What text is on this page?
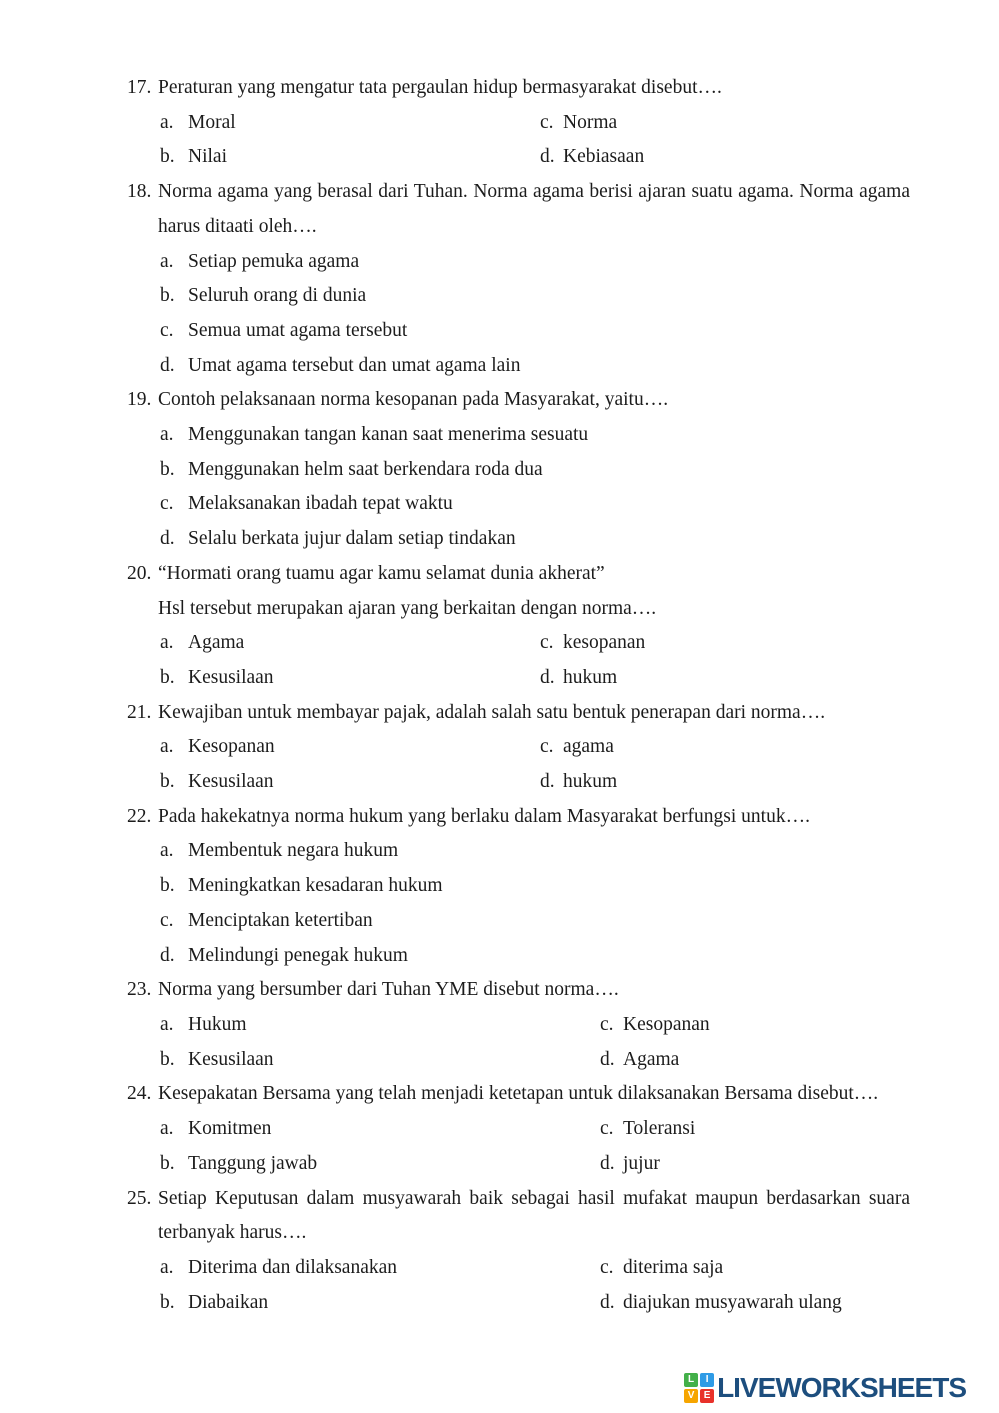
17. Peraturan yang mengatur tata pergaulan hidup bermasyarakat disebut….
a. Moral	c. Norma
b. Nilai	d. Kebiasaan
18. Norma agama yang berasal dari Tuhan. Norma agama berisi ajaran suatu agama. Norma agama
harus ditaati oleh….
a. Setiap pemuka agama
b. Seluruh orang di dunia
c. Semua umat agama tersebut
d. Umat agama tersebut dan umat agama lain
19. Contoh pelaksanaan norma kesopanan pada Masyarakat, yaitu….
a. Menggunakan tangan kanan saat menerima sesuatu
b. Menggunakan helm saat berkendara roda dua
c. Melaksanakan ibadah tepat waktu
d. Selalu berkata jujur dalam setiap tindakan
20. “Hormati orang tuamu agar kamu selamat dunia akherat”
Hsl tersebut merupakan ajaran yang berkaitan dengan norma….
a. Agama	c. kesopanan
b. Kesusilaan	d. hukum
21. Kewajiban untuk membayar pajak, adalah salah satu bentuk penerapan dari norma….
a. Kesopanan	c. agama
b. Kesusilaan	d. hukum
22. Pada hakekatnya norma hukum yang berlaku dalam Masyarakat berfungsi untuk….
a. Membentuk negara hukum
b. Meningkatkan kesadaran hukum
c. Menciptakan ketertiban
d. Melindungi penegak hukum
23. Norma yang bersumber dari Tuhan YME disebut norma….
a. Hukum	c. Kesopanan
b. Kesusilaan	d. Agama
24. Kesepakatan Bersama yang telah menjadi ketetapan untuk dilaksanakan Bersama disebut….
a. Komitmen	c. Toleransi
b. Tanggung jawab	d. jujur
25. Setiap Keputusan dalam musyawarah baik sebagai hasil mufakat maupun berdasarkan suara
terbanyak harus….
a. Diterima dan dilaksanakan	c. diterima saja
b. Diabaikan	d. diajukan musyawarah ulang
L	I
V E LIVEWORKSHEETS
